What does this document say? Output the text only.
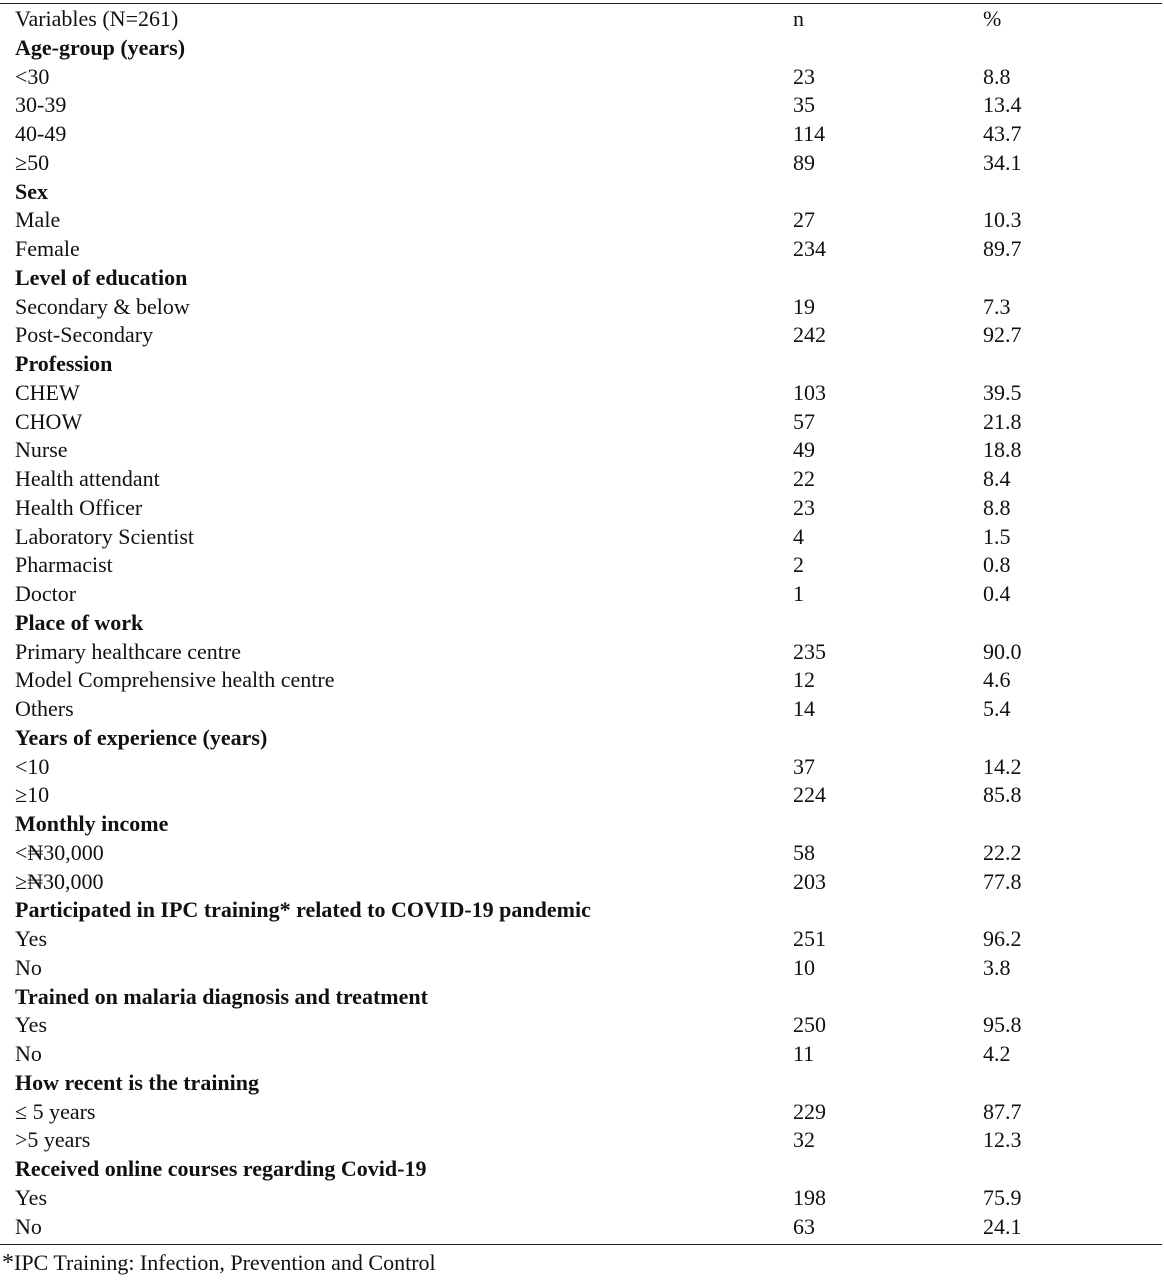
Variables (N=261)	n	%
Age-group (years)
<30	23	8.8
30-39	35	13.4
40-49	114	43.7
≥50	89	34.1
Sex
Male	27	10.3
Female	234	89.7
Level of education
Secondary & below	19	7.3
Post-Secondary	242	92.7
Profession
CHEW	103	39.5
CHOW	57	21.8
Nurse	49	18.8
Health attendant	22	8.4
Health Officer	23	8.8
Laboratory Scientist	4	1.5
Pharmacist	2	0.8
Doctor	1	0.4
Place of work
Primary healthcare centre	235	90.0
Model Comprehensive health centre	12	4.6
Others	14	5.4
Years of experience (years)
<10	37	14.2
≥10	224	85.8
Monthly income
<₦30,000	58	22.2
≥₦30,000	203	77.8
Participated in IPC training* related to COVID-19 pandemic
Yes	251	96.2
No	10	3.8
Trained on malaria diagnosis and treatment
Yes	250	95.8
No	11	4.2
How recent is the training
≤ 5 years	229	87.7
>5 years	32	12.3
Received online courses regarding Covid-19
Yes	198	75.9
No	63	24.1
*IPC Training: Infection, Prevention and Control
